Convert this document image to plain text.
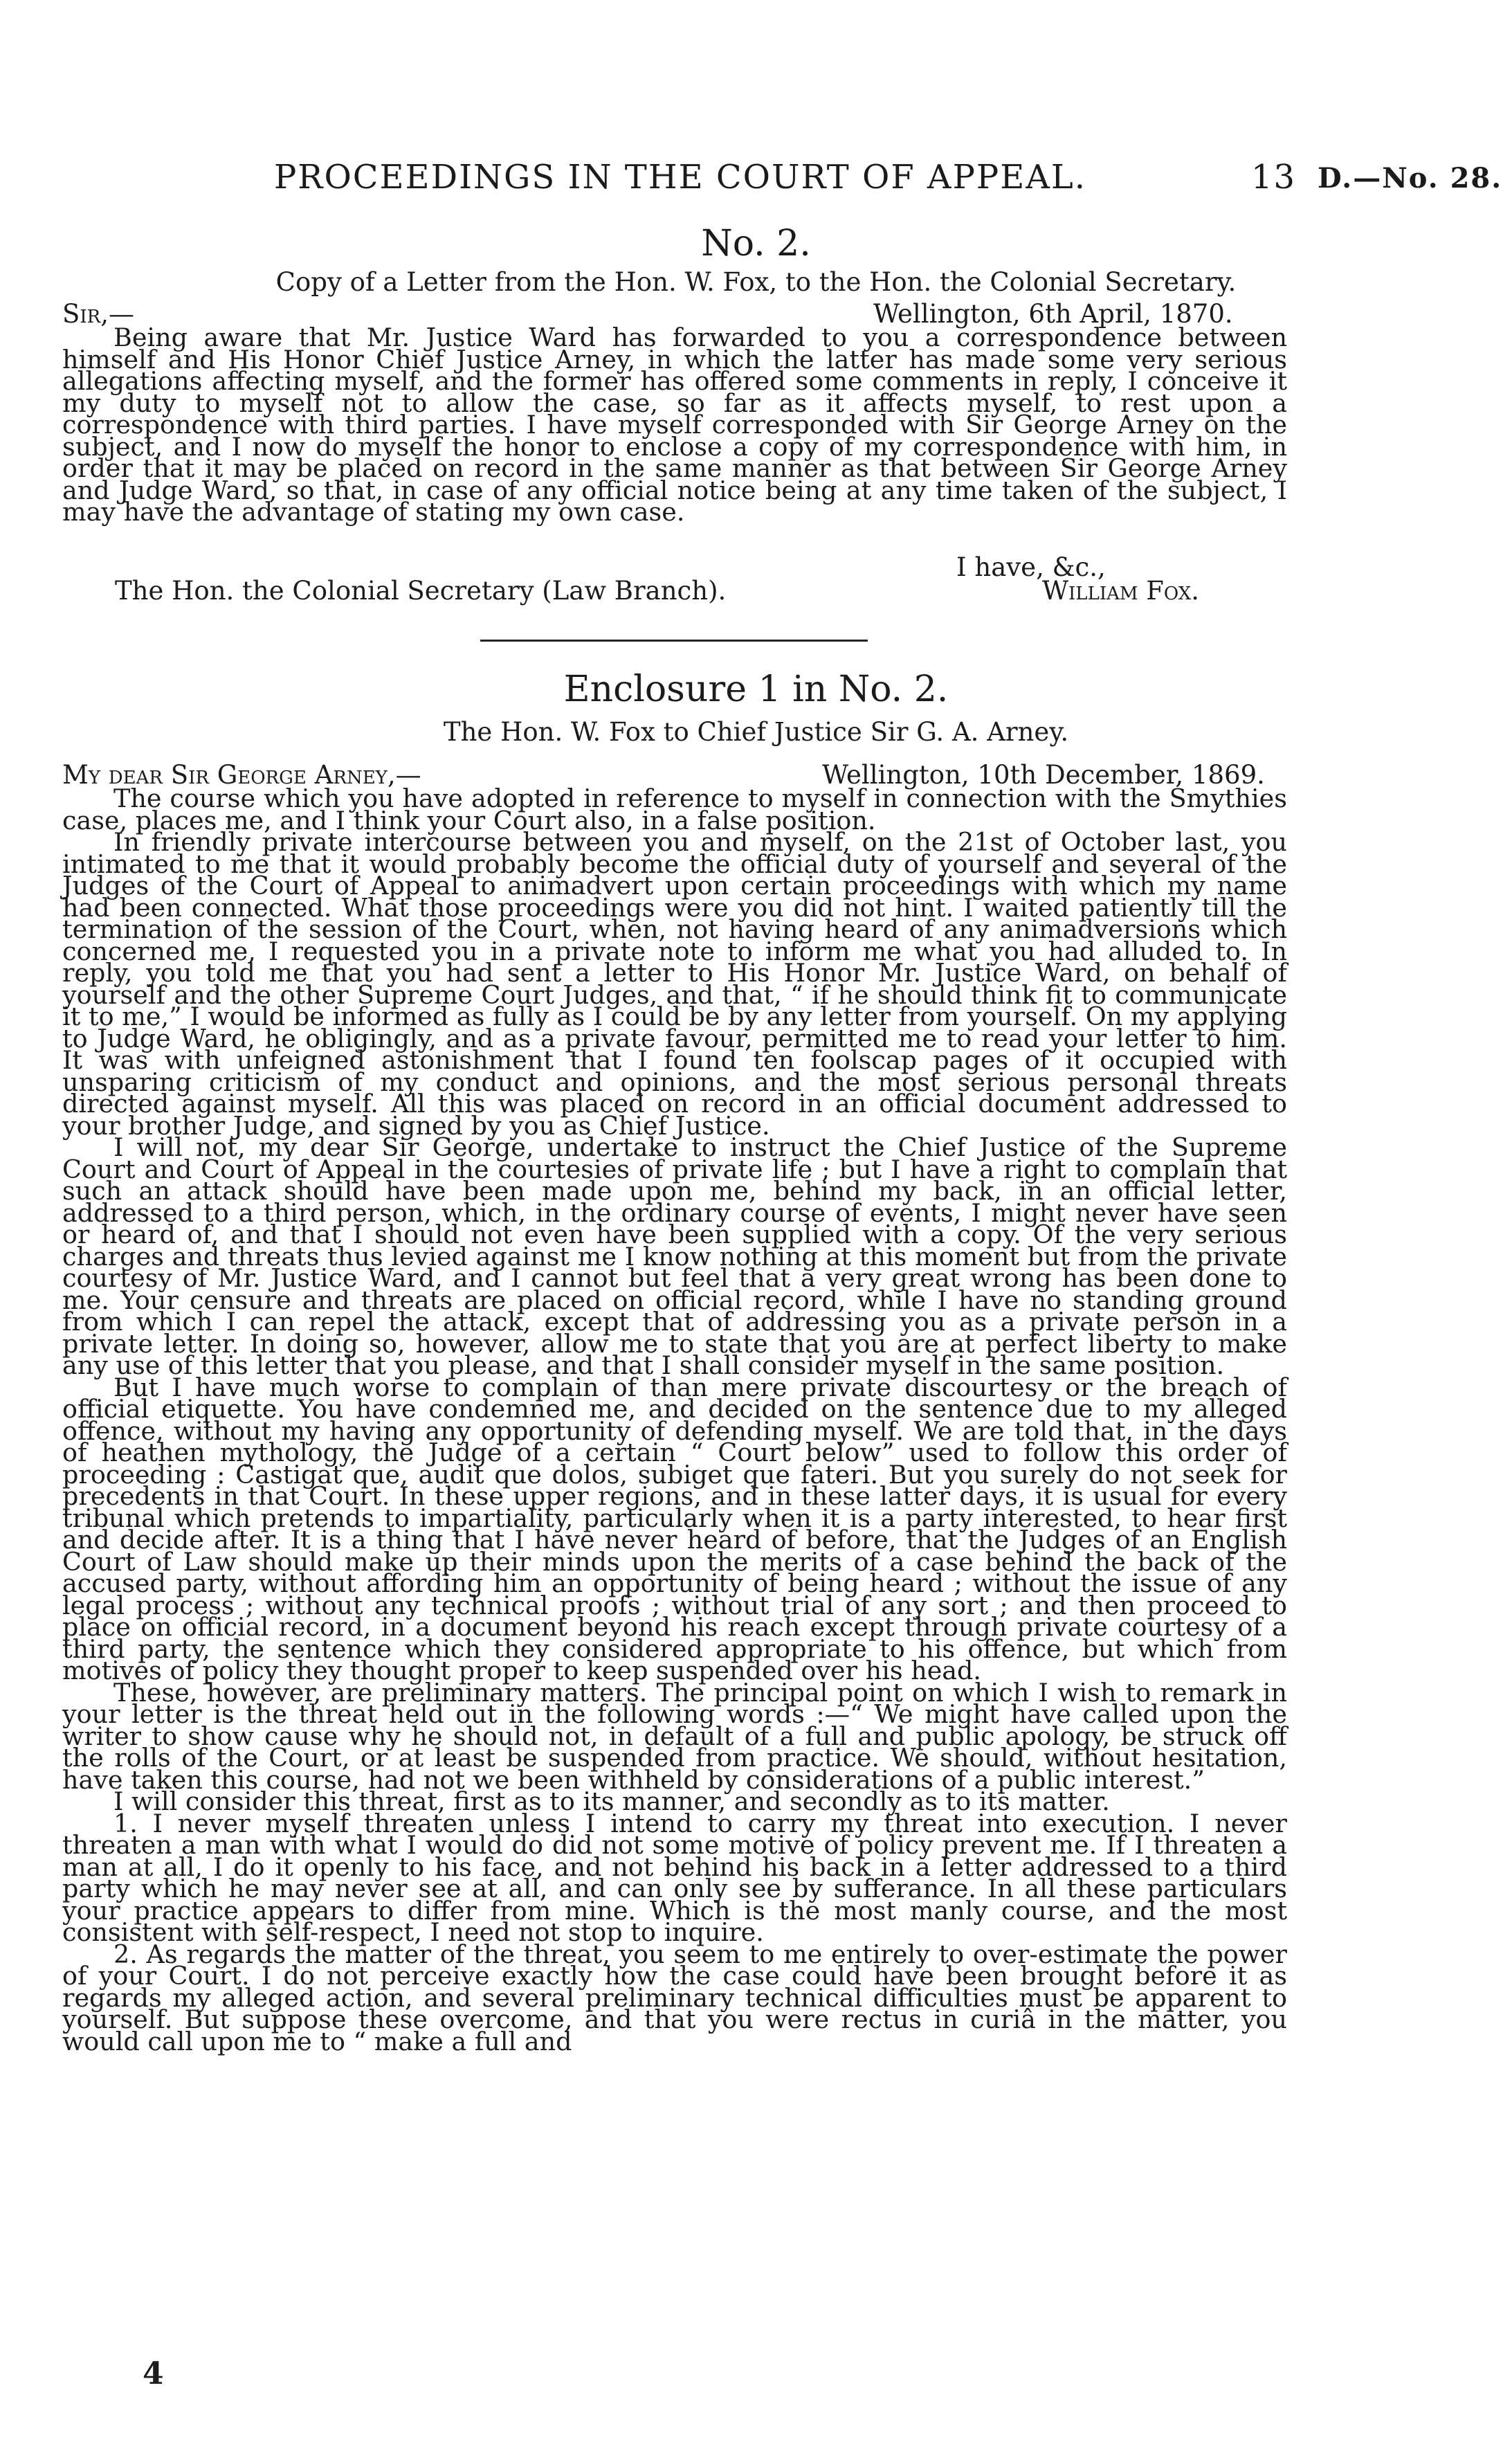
PROCEEDINGS IN THE COURT OF APPEAL.	13 D.—No. 28.
No. 2.
Copy of a Letter from the Hon. W. Fox, to the Hon. the Colonial Secretary.
Sir,—	Wellington, 6th April, 1870.

Being aware that Mr. Justice Ward has forwarded to you a correspondence between himself and His Honor Chief Justice Arney, in which the latter has made some very serious allegations affecting myself, and the former has offered some comments in reply, I conceive it my duty to myself not to allow the case, so far as it affects myself, to rest upon a correspondence with third parties. I have myself corresponded with Sir George Arney on the subject, and I now do myself the honor to enclose a copy of my correspondence with him, in order that it may be placed on record in the same manner as that between Sir George Arney and Judge Ward, so that, in case of any official notice being at any time taken of the subject, I may have the advantage of stating my own case.

I have, &c.,
The Hon. the Colonial Secretary (Law Branch).	William Fox.
Enclosure 1 in No. 2.
The Hon. W. Fox to Chief Justice Sir G. A. Arney.
My dear Sir George Arney,—	Wellington, 10th December, 1869.

The course which you have adopted in reference to myself in connection with the Smythies case, places me, and I think your Court also, in a false position.

In friendly private intercourse between you and myself, on the 21st of October last, you intimated to me that it would probably become the official duty of yourself and several of the Judges of the Court of Appeal to animadvert upon certain proceedings with which my name had been connected. What those proceedings were you did not hint. I waited patiently till the termination of the session of the Court, when, not having heard of any animadversions which concerned me, I requested you in a private note to inform me what you had alluded to. In reply, you told me that you had sent a letter to His Honor Mr. Justice Ward, on behalf of yourself and the other Supreme Court Judges, and that, “ if he should think fit to communicate it to me,” I would be informed as fully as I could be by any letter from yourself. On my applying to Judge Ward, he obligingly, and as a private favour, permitted me to read your letter to him. It was with unfeigned astonishment that I found ten foolscap pages of it occupied with unsparing criticism of my conduct and opinions, and the most serious personal threats directed against myself. All this was placed on record in an official document addressed to your brother Judge, and signed by you as Chief Justice.

I will not, my dear Sir George, undertake to instruct the Chief Justice of the Supreme Court and Court of Appeal in the courtesies of private life ; but I have a right to complain that such an attack should have been made upon me, behind my back, in an official letter, addressed to a third person, which, in the ordinary course of events, I might never have seen or heard of, and that I should not even have been supplied with a copy. Of the very serious charges and threats thus levied against me I know nothing at this moment but from the private courtesy of Mr. Justice Ward, and I cannot but feel that a very great wrong has been done to me. Your censure and threats are placed on official record, while I have no standing ground from which I can repel the attack, except that of addressing you as a private person in a private letter. In doing so, however, allow me to state that you are at perfect liberty to make any use of this letter that you please, and that I shall consider myself in the same position.

But I have much worse to complain of than mere private discourtesy or the breach of official etiquette. You have condemned me, and decided on the sentence due to my alleged offence, without my having any opportunity of defending myself. We are told that, in the days of heathen mythology, the Judge of a certain “ Court below” used to follow this order of proceeding : Castigat que, audit que dolos, subiget que fateri. But you surely do not seek for precedents in that Court. In these upper regions, and in these latter days, it is usual for every tribunal which pretends to impartiality, particularly when it is a party interested, to hear first and decide after. It is a thing that I have never heard of before, that the Judges of an English Court of Law should make up their minds upon the merits of a case behind the back of the accused party, without affording him an opportunity of being heard ; without the issue of any legal process ; without any technical proofs ; without trial of any sort ; and then proceed to place on official record, in a document beyond his reach except through private courtesy of a third party, the sentence which they considered appropriate to his offence, but which from motives of policy they thought proper to keep suspended over his head.

These, however, are preliminary matters. The principal point on which I wish to remark in your letter is the threat held out in the following words :—“ We might have called upon the writer to show cause why he should not, in default of a full and public apology, be struck off the rolls of the Court, or at least be suspended from practice. We should, without hesitation, have taken this course, had not we been withheld by considerations of a public interest.”

I will consider this threat, first as to its manner, and secondly as to its matter.

1. I never myself threaten unless I intend to carry my threat into execution. I never threaten a man with what I would do did not some motive of policy prevent me. If I threaten a man at all, I do it openly to his face, and not behind his back in a letter addressed to a third party which he may never see at all, and can only see by sufferance. In all these particulars your practice appears to differ from mine. Which is the most manly course, and the most consistent with self-respect, I need not stop to inquire.

2. As regards the matter of the threat, you seem to me entirely to over-estimate the power of your Court. I do not perceive exactly how the case could have been brought before it as regards my alleged action, and several preliminary technical difficulties must be apparent to yourself. But suppose these overcome, and that you were rectus in curiâ in the matter, you would call upon me to “ make a full and

4
